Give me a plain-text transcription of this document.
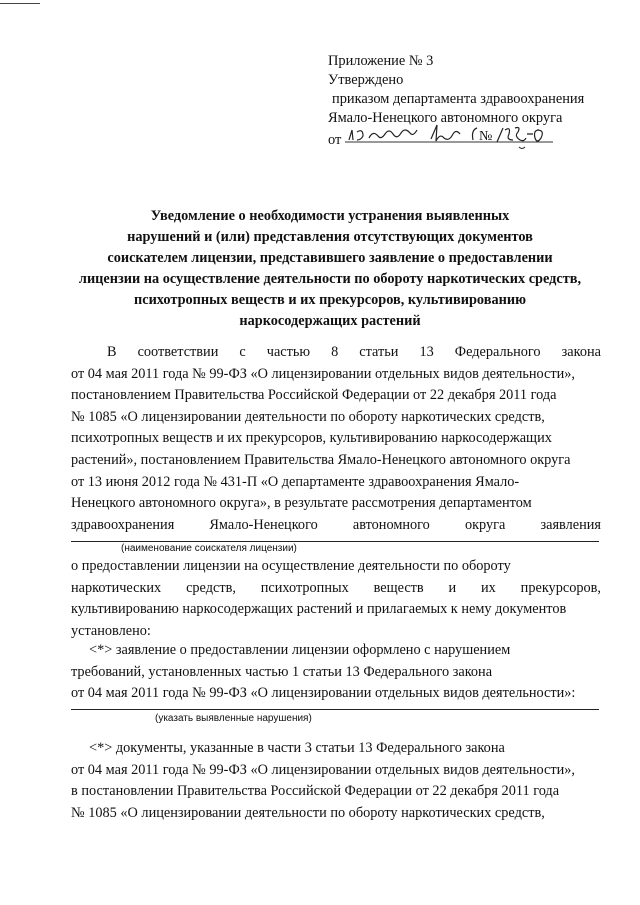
Приложение № 3
Утверждено
приказом департамента здравоохранения
Ямало-Ненецкого автономного округа
от	№
Уведомление о необходимости устранения выявленных
нарушений и (или) представления отсутствующих документов
соискателем лицензии, представившего заявление о предоставлении
лицензии на осуществление деятельности по обороту наркотических средств,
психотропных веществ и их прекурсоров, культивированию
наркосодержащих растений
В соответствии с частью 8 статьи 13 Федерального закона
от 04 мая 2011 года № 99-ФЗ «О лицензировании отдельных видов деятельности»,
постановлением Правительства Российской Федерации от 22 декабря 2011 года
№ 1085 «О лицензировании деятельности по обороту наркотических средств,
психотропных веществ и их прекурсоров, культивированию наркосодержащих
растений», постановлением Правительства Ямало-Ненецкого автономного округа
от 13 июня 2012 года № 431-П «О департаменте здравоохранения Ямало-
Ненецкого автономного округа», в результате рассмотрения департаментом
здравоохранения Ямало-Ненецкого автономного округа заявления
(наименование соискателя лицензии)
о предоставлении лицензии на осуществление деятельности по обороту
наркотических средств, психотропных веществ и их прекурсоров,
культивированию наркосодержащих растений и прилагаемых к нему документов
установлено:
<*> заявление о предоставлении лицензии оформлено с нарушением
требований, установленных частью 1 статьи 13 Федерального закона
от 04 мая 2011 года № 99-ФЗ «О лицензировании отдельных видов деятельности»:
(указать выявленные нарушения)
<*> документы, указанные в части 3 статьи 13 Федерального закона
от 04 мая 2011 года № 99-ФЗ «О лицензировании отдельных видов деятельности»,
в постановлении Правительства Российской Федерации от 22 декабря 2011 года
№ 1085 «О лицензировании деятельности по обороту наркотических средств,
